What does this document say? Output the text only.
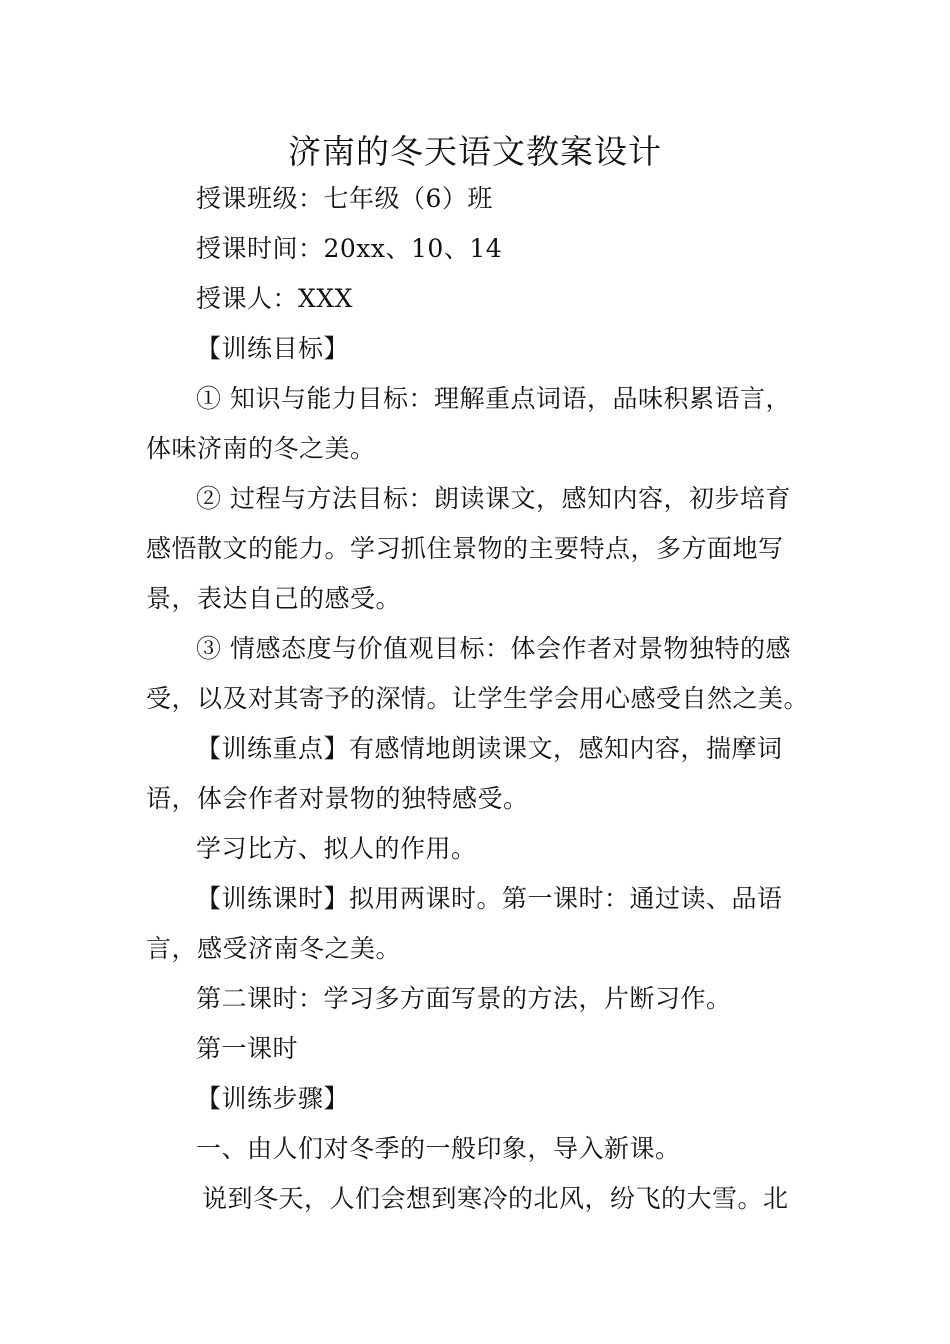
济南的冬天语文教案设计

授课班级：七年级（6）班

授课时间：20xx、10、14

授课人：XXX

【训练目标】

① 知识与能力目标：理解重点词语，品味积累语言，体味济南的冬之美。

② 过程与方法目标：朗读课文，感知内容，初步培育感悟散文的能力。学习抓住景物的主要特点，多方面地写景，表达自己的感受。

③ 情感态度与价值观目标：体会作者对景物独特的感受，以及对其寄予的深情。让学生学会用心感受自然之美。

【训练重点】有感情地朗读课文，感知内容，揣摩词语，体会作者对景物的独特感受。

学习比方、拟人的作用。

【训练课时】拟用两课时。第一课时：通过读、品语言，感受济南冬之美。

第二课时：学习多方面写景的方法，片断习作。

第一课时

【训练步骤】

一、由人们对冬季的一般印象，导入新课。

说到冬天，人们会想到寒冷的北风，纷飞的大雪。北
